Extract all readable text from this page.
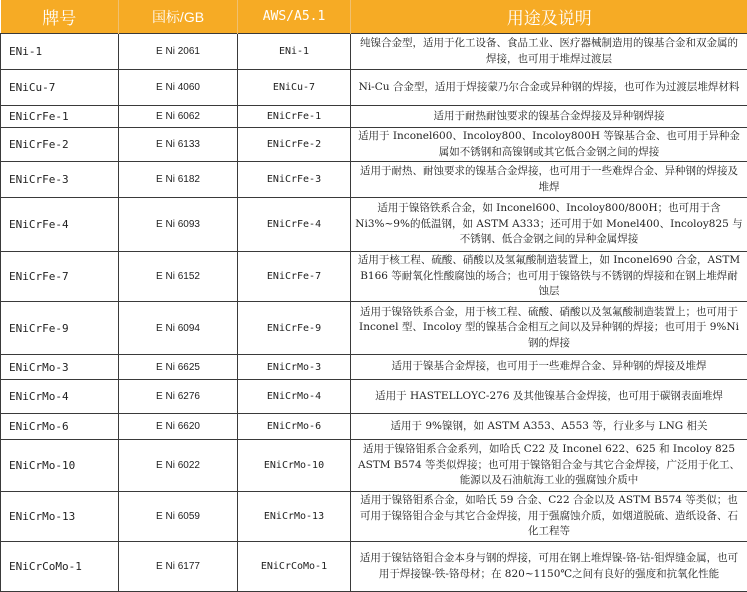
牌号	国标/GB	AWS/A5.1	用途及说明
ENi-1	E Ni 2061	ENi-1	纯镍合金型，适用于化工设备、食品工业、医疗器械制造用的镍基合金和双金属的焊接，也可用于堆焊过渡层
ENiCu-7	E Ni 4060	ENiCu-7	Ni-Cu 合金型，适用于焊接蒙乃尔合金或异种钢的焊接，也可作为过渡层堆焊材料
ENiCrFe-1	E Ni 6062	ENiCrFe-1	适用于耐热耐蚀要求的镍基合金焊接及异种钢焊接
ENiCrFe-2	E Ni 6133	ENiCrFe-2	适用于 Inconel600、Incoloy800、Incoloy800H 等镍基合金、也可用于异种金属如不锈钢和高镍钢或其它低合金钢之间的焊接
ENiCrFe-3	E Ni 6182	ENiCrFe-3	适用于耐热、耐蚀要求的镍基合金焊接，也可用于一些难焊合金、异种钢的焊接及堆焊
ENiCrFe-4	E Ni 6093	ENiCrFe-4	适用于镍铬铁系合金，如 Inconel600、Incoloy800/800H；也可用于含 Ni3%~9%的低温钢，如 ASTM A333；还可用于如 Monel400、Incoloy825 与不锈钢、低合金钢之间的异种金属焊接
ENiCrFe-7	E Ni 6152	ENiCrFe-7	适用于核工程、硫酸、硝酸以及氢氟酸制造装置上，如 Inconel690 合金，ASTM B166 等耐氧化性酸腐蚀的场合；也可用于镍铬铁与不锈钢的焊接和在钢上堆焊耐蚀层
ENiCrFe-9	E Ni 6094	ENiCrFe-9	适用于镍铬铁系合金，用于核工程、硫酸、硝酸以及氢氟酸制造装置上；也可用于 Inconel 型、Incoloy 型的镍基合金相互之间以及异种钢的焊接；也可用于 9%Ni 钢的焊接
ENiCrMo-3	E Ni 6625	ENiCrMo-3	适用于镍基合金焊接，也可用于一些难焊合金、异种钢的焊接及堆焊
ENiCrMo-4	E Ni 6276	ENiCrMo-4	适用于 HASTELLOYC-276 及其他镍基合金焊接，也可用于碳钢表面堆焊
ENiCrMo-6	E Ni 6620	ENiCrMo-6	适用于 9%镍钢，如 ASTM A353、A553 等，行业多与 LNG 相关
ENiCrMo-10	E Ni 6022	ENiCrMo-10	适用于镍铬钼系合金系列，如哈氏 C22 及 Inconel 622、625 和 Incoloy 825 ASTM B574 等类似焊接；也可用于镍铬钼合金与其它合金焊接，广泛用于化工、能源以及石油航海工业的强腐蚀介质中
ENiCrMo-13	E Ni 6059	ENiCrMo-13	适用于镍铬钼系合金，如哈氏 59 合金、C22 合金以及 ASTM B574 等类似；也可用于镍铬钼合金与其它合金焊接，用于强腐蚀介质，如烟道脱硫、造纸设备、石化工程等
ENiCrCoMo-1	E Ni 6177	ENiCrCoMo-1	适用于镍钴铬钼合金本身与钢的焊接，可用在钢上堆焊镍-铬-钴-钼焊缝金属，也可用于焊接镍-铁-铬母材；在 820~1150℃之间有良好的强度和抗氧化性能
